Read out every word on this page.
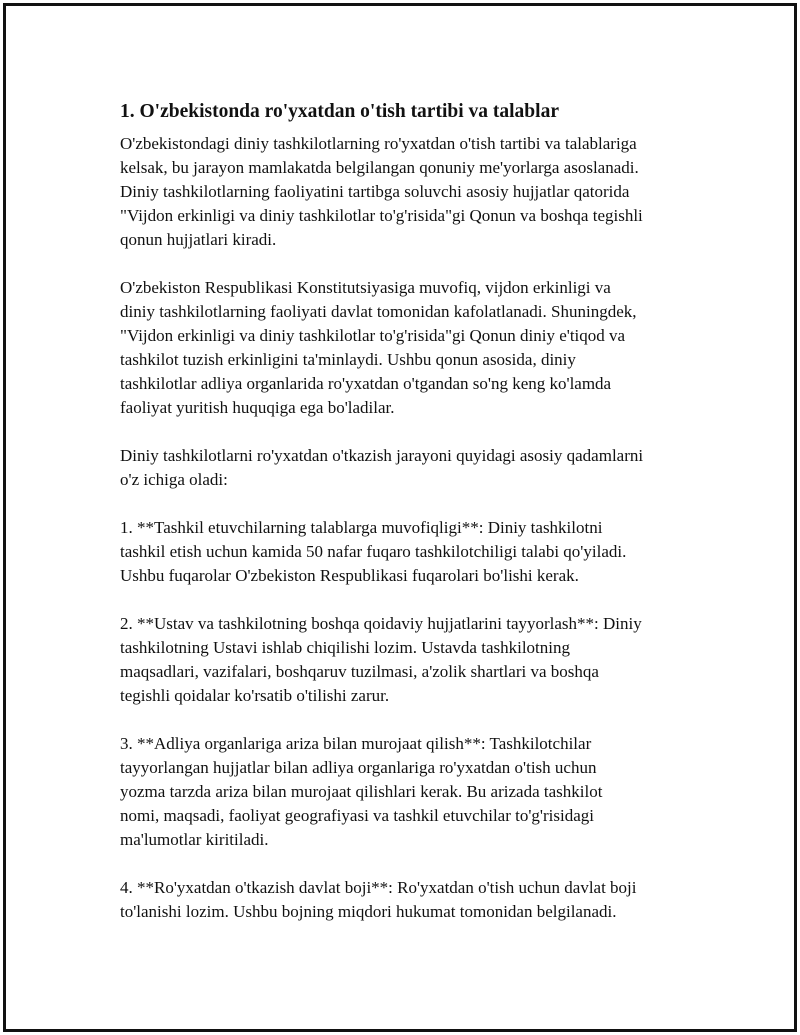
1. O'zbekistonda ro'yxatdan o'tish tartibi va talablar
O'zbekistondagi diniy tashkilotlarning ro'yxatdan o'tish tartibi va talablariga
kelsak, bu jarayon mamlakatda belgilangan qonuniy me'yorlarga asoslanadi.
Diniy tashkilotlarning faoliyatini tartibga soluvchi asosiy hujjatlar qatorida
"Vijdon erkinligi va diniy tashkilotlar to'g'risida"gi Qonun va boshqa tegishli
qonun hujjatlari kiradi.
O'zbekiston Respublikasi Konstitutsiyasiga muvofiq, vijdon erkinligi va
diniy tashkilotlarning faoliyati davlat tomonidan kafolatlanadi. Shuningdek,
"Vijdon erkinligi va diniy tashkilotlar to'g'risida"gi Qonun diniy e'tiqod va
tashkilot tuzish erkinligini ta'minlaydi. Ushbu qonun asosida, diniy
tashkilotlar adliya organlarida ro'yxatdan o'tgandan so'ng keng ko'lamda
faoliyat yuritish huquqiga ega bo'ladilar.
Diniy tashkilotlarni ro'yxatdan o'tkazish jarayoni quyidagi asosiy qadamlarni
o'z ichiga oladi:
1. **Tashkil etuvchilarning talablarga muvofiqligi**: Diniy tashkilotni
tashkil etish uchun kamida 50 nafar fuqaro tashkilotchiligi talabi qo'yiladi.
Ushbu fuqarolar O'zbekiston Respublikasi fuqarolari bo'lishi kerak.
2. **Ustav va tashkilotning boshqa qoidaviy hujjatlarini tayyorlash**: Diniy
tashkilotning Ustavi ishlab chiqilishi lozim. Ustavda tashkilotning
maqsadlari, vazifalari, boshqaruv tuzilmasi, a'zolik shartlari va boshqa
tegishli qoidalar ko'rsatib o'tilishi zarur.
3. **Adliya organlariga ariza bilan murojaat qilish**: Tashkilotchilar
tayyorlangan hujjatlar bilan adliya organlariga ro'yxatdan o'tish uchun
yozma tarzda ariza bilan murojaat qilishlari kerak. Bu arizada tashkilot
nomi, maqsadi, faoliyat geografiyasi va tashkil etuvchilar to'g'risidagi
ma'lumotlar kiritiladi.
4. **Ro'yxatdan o'tkazish davlat boji**: Ro'yxatdan o'tish uchun davlat boji
to'lanishi lozim. Ushbu bojning miqdori hukumat tomonidan belgilanadi.
